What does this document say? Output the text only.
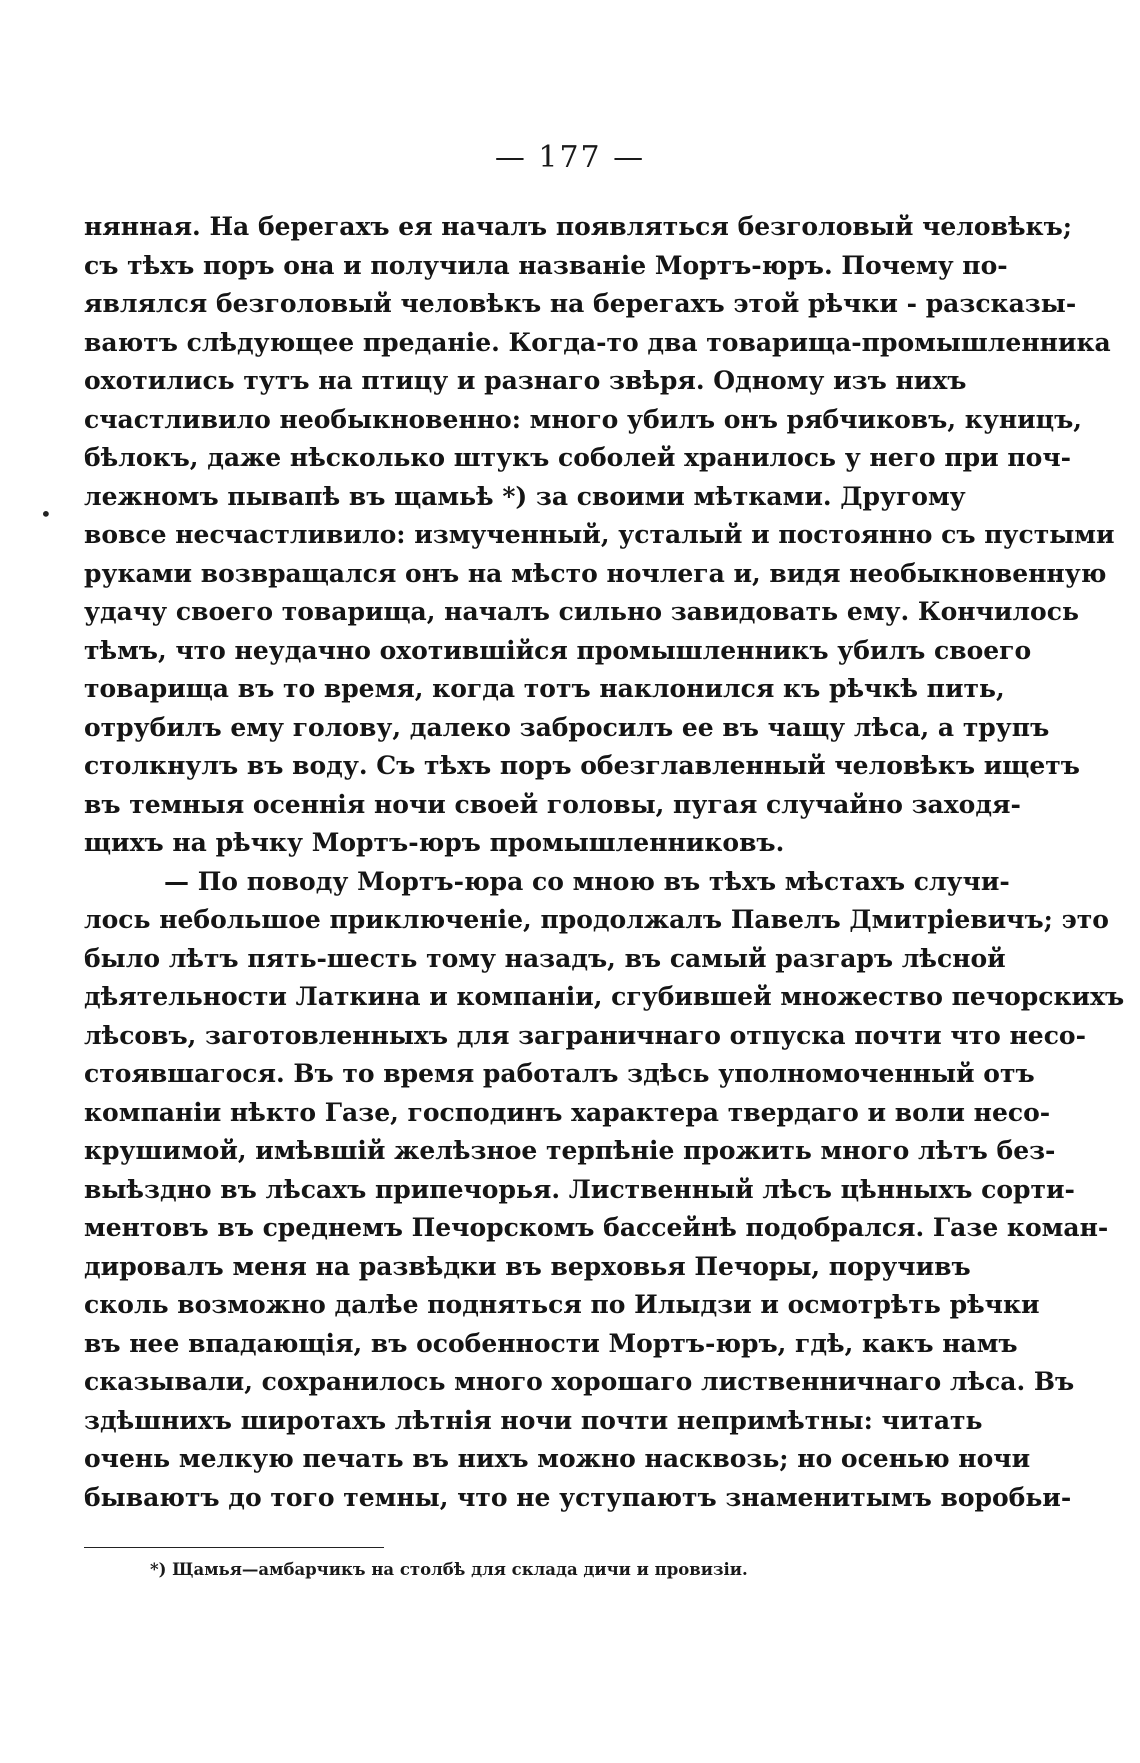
— 177 —
•
нянная. На берегахъ ея началъ появляться безголовый человѣкъ;
съ тѣхъ поръ она и получила названіе Мортъ-юръ. Почему по-
являлся безголовый человѣкъ на берегахъ этой рѣчки - разсказы-
ваютъ слѣдующее преданіе. Когда-то два товарища-промышленника
охотились тутъ на птицу и разнаго звѣря. Одному изъ нихъ
счастливило необыкновенно: много убилъ онъ рябчиковъ, куницъ,
бѣлокъ, даже нѣсколько штукъ соболей хранилось у него при поч-
лежномъ пывапѣ въ щамьѣ *) за своими мѣтками. Другому
вовсе несчастливило: измученный, усталый и постоянно съ пустыми
руками возвращался онъ на мѣсто ночлега и, видя необыкновенную
удачу своего товарища, началъ сильно завидовать ему. Кончилось
тѣмъ, что неудачно охотившійся промышленникъ убилъ своего
товарища въ то время, когда тотъ наклонился къ рѣчкѣ пить,
отрубилъ ему голову, далеко забросилъ ее въ чащу лѣса, а трупъ
столкнулъ въ воду. Съ тѣхъ поръ обезглавленный человѣкъ ищетъ
въ темныя осеннія ночи своей головы, пугая случайно заходя-
щихъ на рѣчку Мортъ-юръ промышленниковъ.
— По поводу Мортъ-юра со мною въ тѣхъ мѣстахъ случи-
лось небольшое приключеніе, продолжалъ Павелъ Дмитріевичъ; это
было лѣтъ пять-шесть тому назадъ, въ самый разгаръ лѣсной
дѣятельности Латкина и компаніи, сгубившей множество печорскихъ
лѣсовъ, заготовленныхъ для заграничнаго отпуска почти что несо-
стоявшагося. Въ то время работалъ здѣсь уполномоченный отъ
компаніи нѣкто Газе, господинъ характера твердаго и воли несо-
крушимой, имѣвшій желѣзное терпѣніе прожить много лѣтъ без-
выѣздно въ лѣсахъ припечорья. Лиственный лѣсъ цѣнныхъ сорти-
ментовъ въ среднемъ Печорскомъ бассейнѣ подобрался. Газе коман-
дировалъ меня на развѣдки въ верховья Печоры, поручивъ
сколь возможно далѣе подняться по Илыдзи и осмотрѣть рѣчки
въ нее впадающія, въ особенности Мортъ-юръ, гдѣ, какъ намъ
сказывали, сохранилось много хорошаго лиственничнаго лѣса. Въ
здѣшнихъ широтахъ лѣтнія ночи почти непримѣтны: читать
очень мелкую печать въ нихъ можно насквозь; но осенью ночи
бываютъ до того темны, что не уступаютъ знаменитымъ воробьи-
*) Щамья—амбарчикъ на столбѣ для склада дичи и провизіи.
